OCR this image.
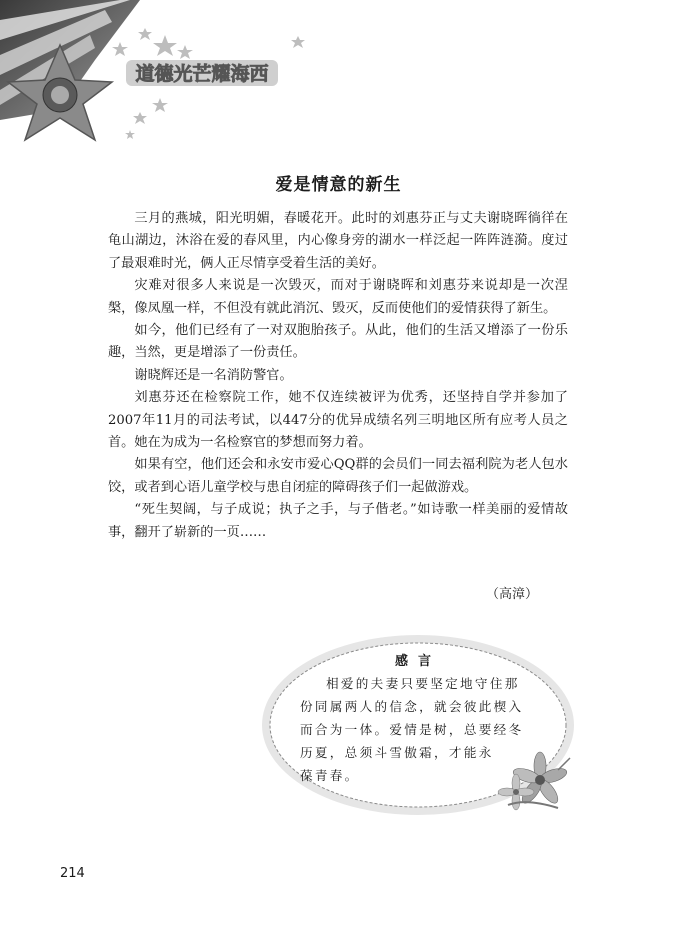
道德光芒耀海西
爱是情意的新生

三月的燕城，阳光明媚，春暖花开。此时的刘惠芬正与丈夫谢晓晖徜徉在龟山湖边，沐浴在爱的春风里，内心像身旁的湖水一样泛起一阵阵涟漪。度过了最艰难时光，俩人正尽情享受着生活的美好。

灾难对很多人来说是一次毁灭，而对于谢晓晖和刘惠芬来说却是一次涅槃，像凤凰一样，不但没有就此消沉、毁灭，反而使他们的爱情获得了新生。

如今，他们已经有了一对双胞胎孩子。从此，他们的生活又增添了一份乐趣，当然，更是增添了一份责任。

谢晓辉还是一名消防警官。

刘惠芬还在检察院工作，她不仅连续被评为优秀，还坚持自学并参加了2007年11月的司法考试，以447分的优异成绩名列三明地区所有应考人员之首。她在为成为一名检察官的梦想而努力着。

如果有空，他们还会和永安市爱心QQ群的会员们一同去福利院为老人包水饺，或者到心语儿童学校与患自闭症的障碍孩子们一起做游戏。

“死生契阔，与子成说；执子之手，与子偕老。”如诗歌一样美丽的爱情故事，翻开了崭新的一页……

（高漳）
感言
相爱的夫妻只要坚定地守住那
份同属两人的信念，就会彼此楔入
而合为一体。爱情是树，总要经冬
历夏，总须斗雪傲霜，才能永
葆青春。
214
